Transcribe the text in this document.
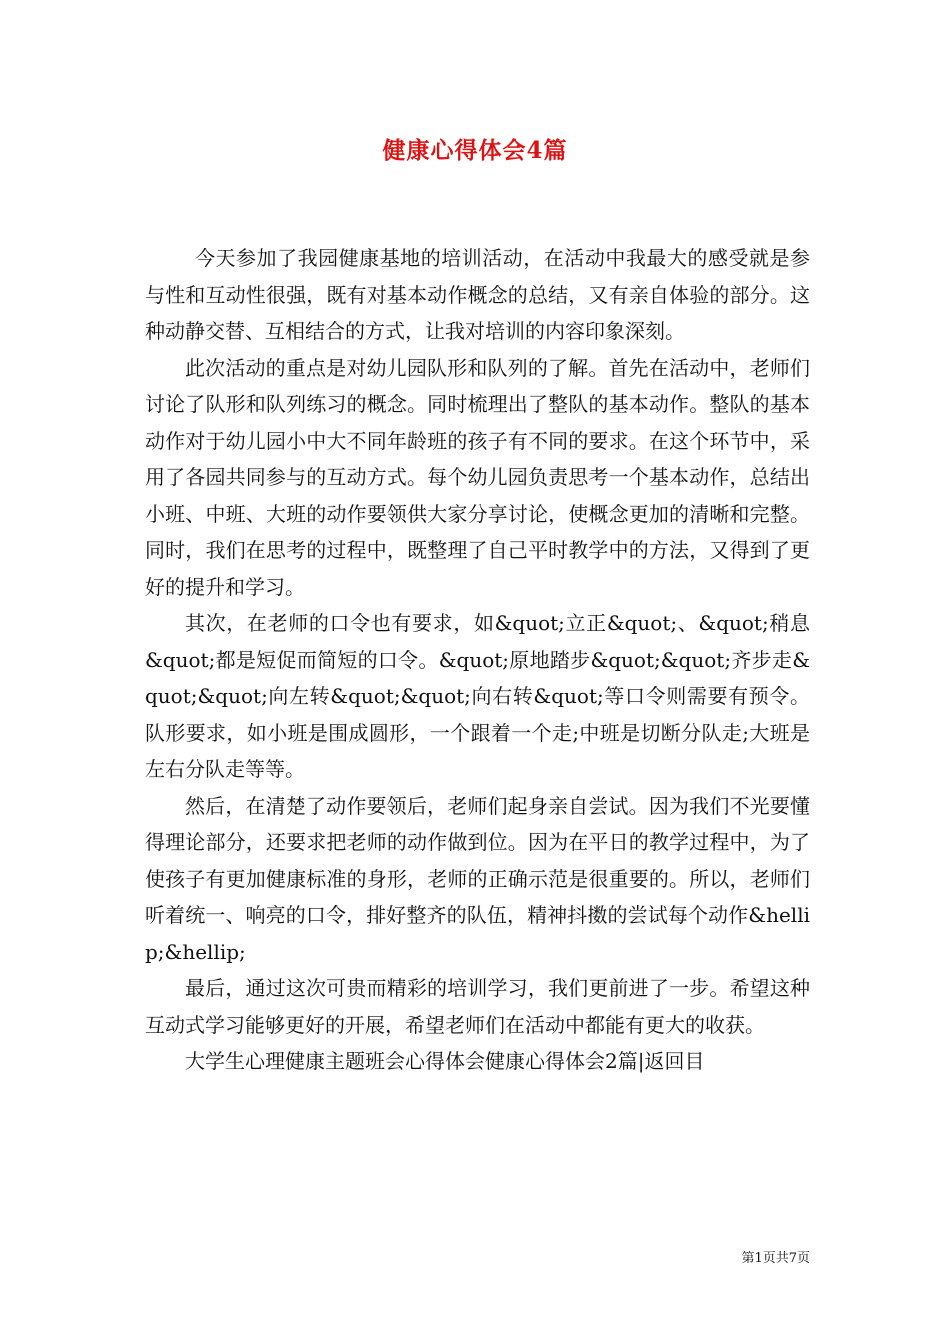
健康心得体会4篇

今天参加了我园健康基地的培训活动，在活动中我最大的感受就是参与性和互动性很强，既有对基本动作概念的总结，又有亲自体验的部分。这种动静交替、互相结合的方式，让我对培训的内容印象深刻。

此次活动的重点是对幼儿园队形和队列的了解。首先在活动中，老师们讨论了队形和队列练习的概念。同时梳理出了整队的基本动作。整队的基本动作对于幼儿园小中大不同年龄班的孩子有不同的要求。在这个环节中，采用了各园共同参与的互动方式。每个幼儿园负责思考一个基本动作，总结出小班、中班、大班的动作要领供大家分享讨论，使概念更加的清晰和完整。同时，我们在思考的过程中，既整理了自己平时教学中的方法，又得到了更好的提升和学习。

其次，在老师的口令也有要求，如&quot;立正&quot;、&quot;稍息&quot;都是短促而简短的口令。&quot;原地踏步&quot;&quot;齐步走&quot;&quot;向左转&quot;&quot;向右转&quot;等口令则需要有预令。队形要求，如小班是围成圆形，一个跟着一个走;中班是切断分队走;大班是左右分队走等等。

然后，在清楚了动作要领后，老师们起身亲自尝试。因为我们不光要懂得理论部分，还要求把老师的动作做到位。因为在平日的教学过程中，为了使孩子有更加健康标准的身形，老师的正确示范是很重要的。所以，老师们听着统一、响亮的口令，排好整齐的队伍，精神抖擞的尝试每个动作&hellip;&hellip;

最后，通过这次可贵而精彩的培训学习，我们更前进了一步。希望这种互动式学习能够更好的开展，希望老师们在活动中都能有更大的收获。

大学生心理健康主题班会心得体会健康心得体会2篇|返回目

第1页共7页
